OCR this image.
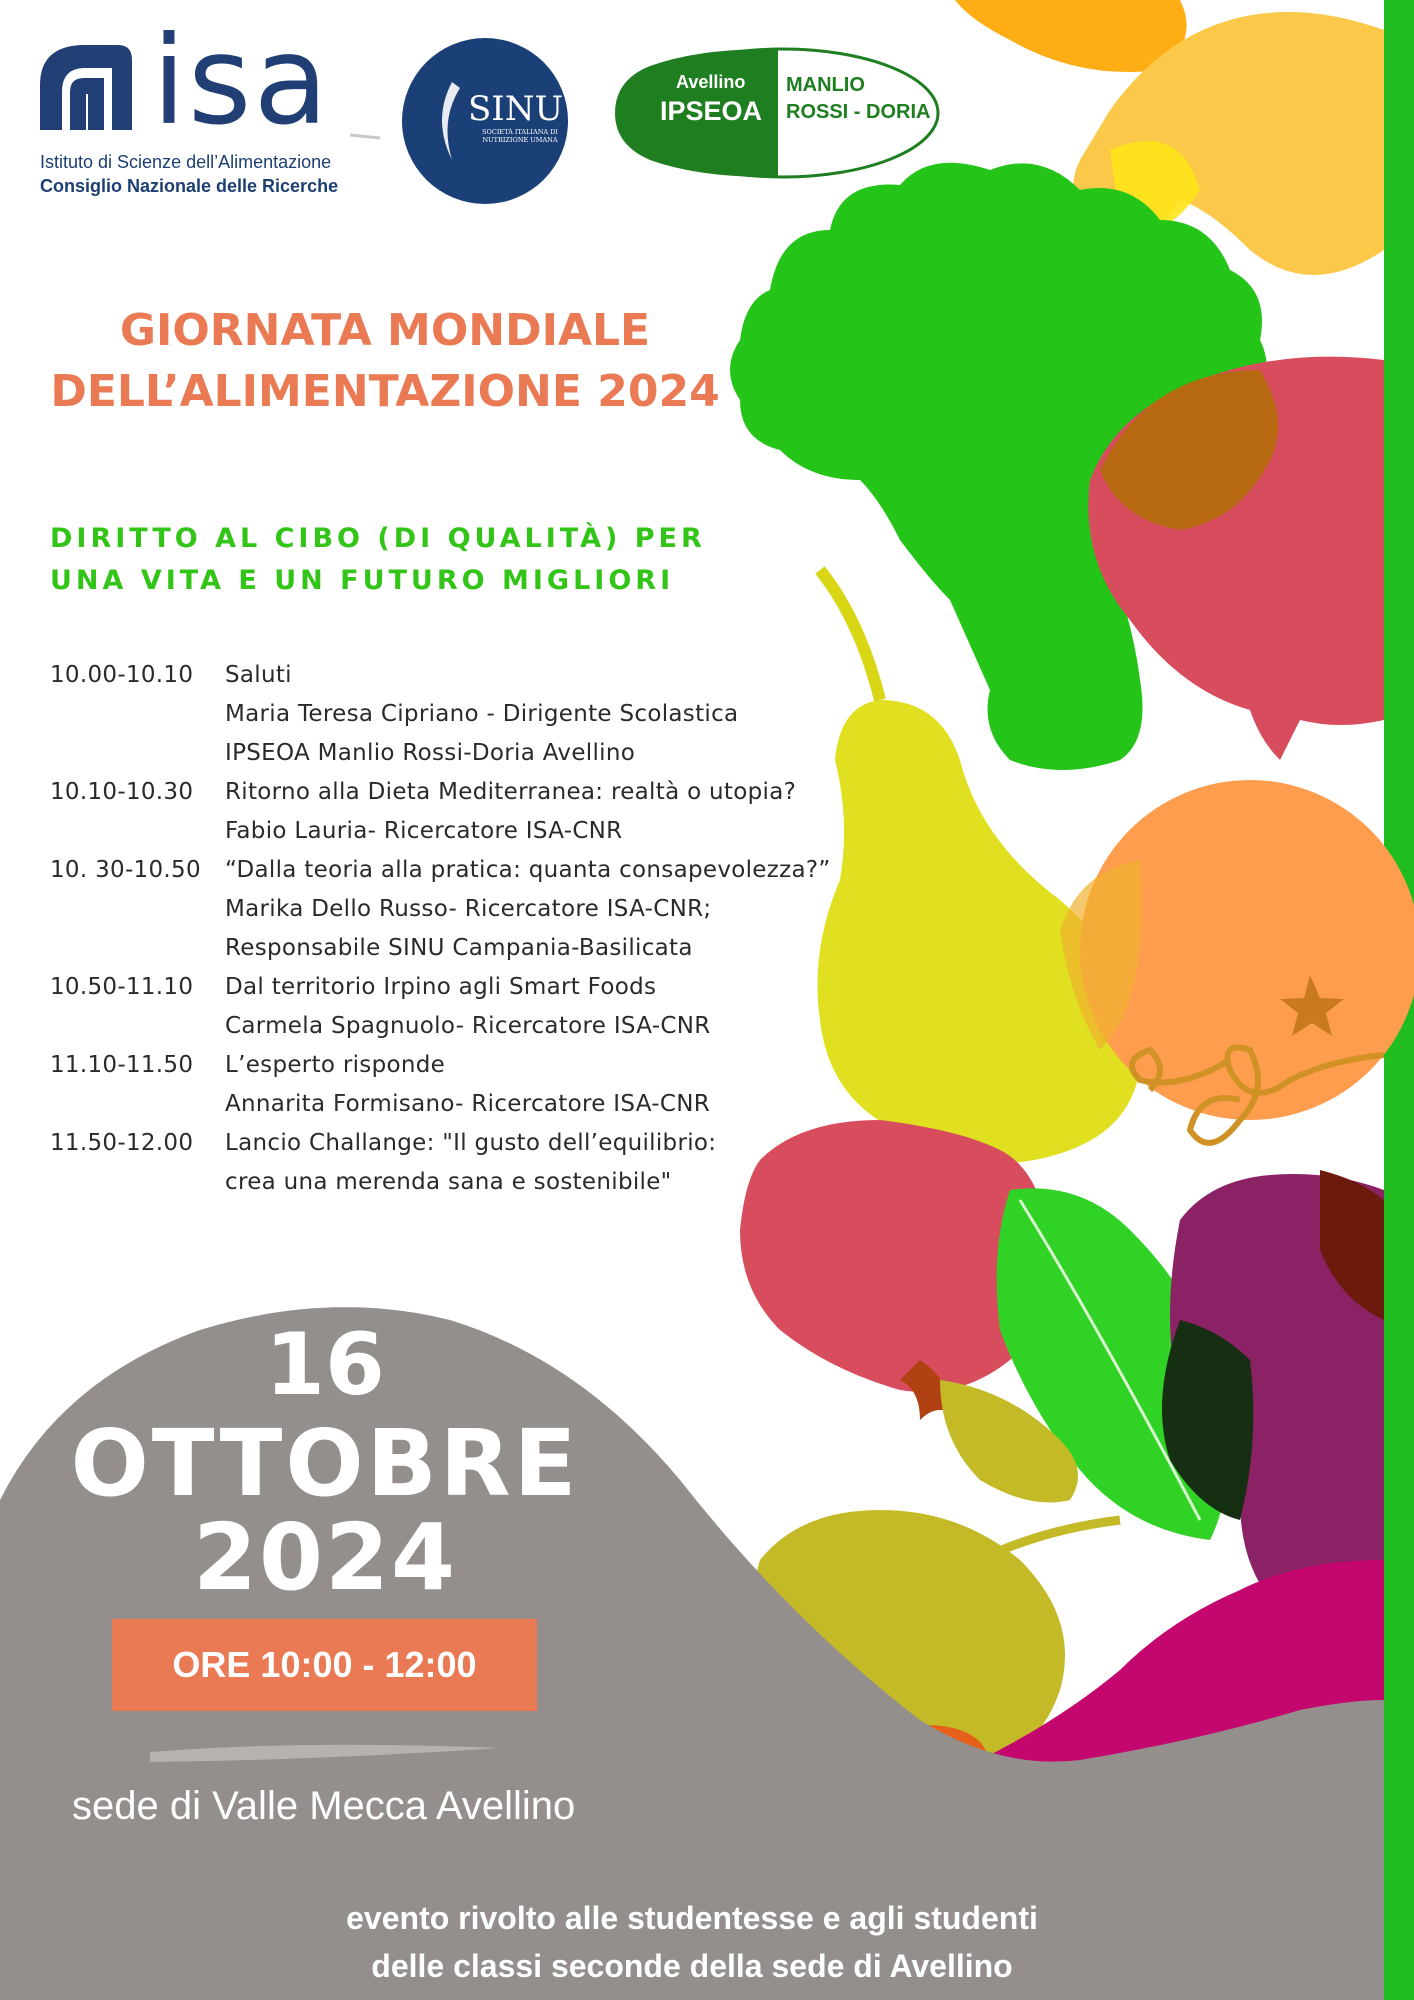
isa
Istituto di Scienze dell’Alimentazione
Consiglio Nazionale delle Ricerche
SINU
SOCIETÀ ITALIANA DI NUTRIZIONE UMANA
Avellino
IPSEOA
MANLIO
ROSSI - DORIA
GIORNATA MONDIALE
DELL’ALIMENTAZIONE 2024
DIRITTO AL CIBO (DI QUALITÀ) PER
UNA VITA E UN FUTURO MIGLIORI
10.00-10.10	Saluti
Maria Teresa Cipriano - Dirigente Scolastica
IPSEOA Manlio Rossi-Doria Avellino
10.10-10.30	Ritorno alla Dieta Mediterranea: realtà o utopia?
Fabio Lauria- Ricercatore ISA-CNR
10. 30-10.50	“Dalla teoria alla pratica: quanta consapevolezza?”
Marika Dello Russo- Ricercatore ISA-CNR;
Responsabile SINU Campania-Basilicata
10.50-11.10	Dal territorio Irpino agli Smart Foods
Carmela Spagnuolo- Ricercatore ISA-CNR
11.10-11.50	L’esperto risponde
Annarita Formisano- Ricercatore ISA-CNR
11.50-12.00	Lancio Challange: "Il gusto dell’equilibrio:
crea una merenda sana e sostenibile"
16
OTTOBRE
2024
ORE 10:00 - 12:00
sede di Valle Mecca Avellino
evento rivolto alle studentesse e agli studenti
delle classi seconde della sede di Avellino
